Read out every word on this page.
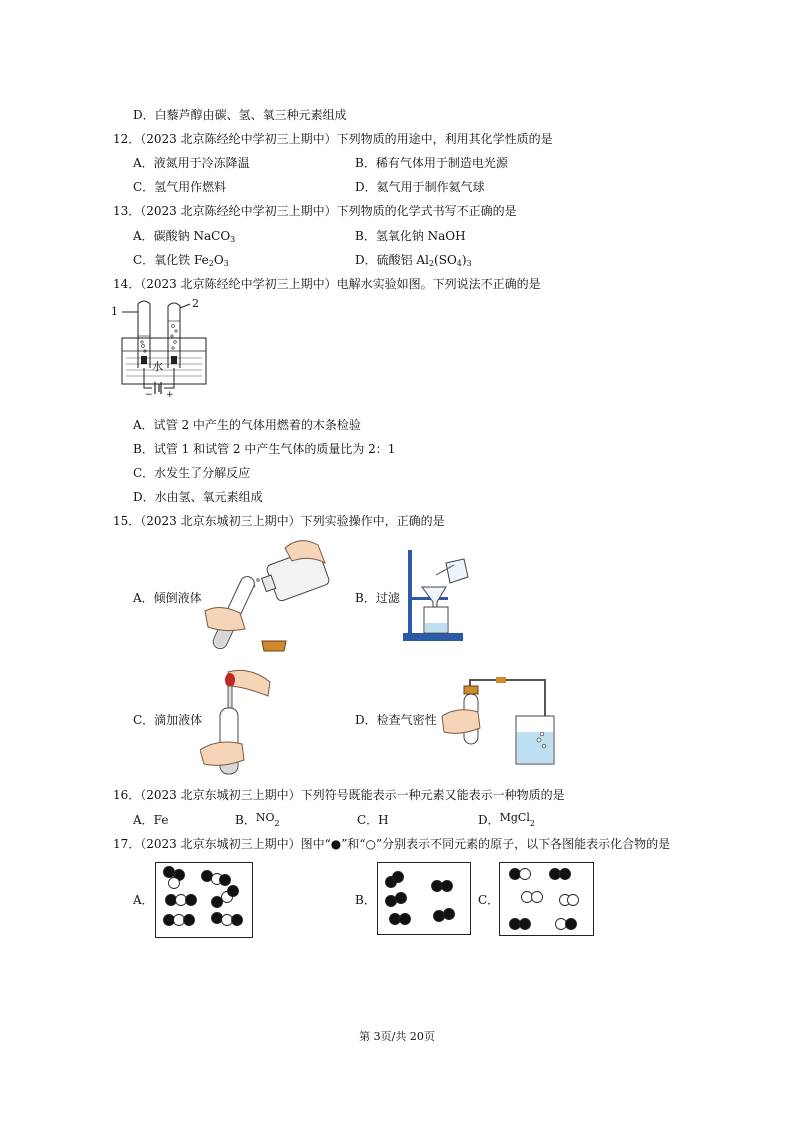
D．白藜芦醇由碳、氢、氧三种元素组成
12．（2023 北京陈经纶中学初三上期中）下列物质的用途中，利用其化学性质的是
A．液氮用于冷冻降温	B．稀有气体用于制造电光源
C．氢气用作燃料	D．氦气用于制作氦气球
13．（2023 北京陈经纶中学初三上期中）下列物质的化学式书写不正确的是
A．碳酸钠 NaCO$_3$	B．氢氧化钠 NaOH
C．氧化铁 $Fe_2O_3$	D．硫酸铝 $Al_2(SO_4)_3$
14．（2023 北京陈经纶中学初三上期中）电解水实验如图。下列说法不正确的是
1
2
水
− +
A．试管 2 中产生的气体用燃着的木条检验
B．试管 1 和试管 2 中产生气体的质量比为 2：1
C．水发生了分解反应
D．水由氢、氧元素组成
15．（2023 北京东城初三上期中）下列实验操作中，正确的是
A．倾倒液体	B．过滤
C．滴加液体	D．检查气密性
16．（2023 北京东城初三上期中）下列符号既能表示一种元素又能表示一种物质的是
A．Fe	B．$NO_2$	C．H	D．MgCl$_2$
17．（2023 北京东城初三上期中）图中“●”和“○”分别表示不同元素的原子，以下各图能表示化合物的是
A．	B．	C．
第 3页/共 20页
